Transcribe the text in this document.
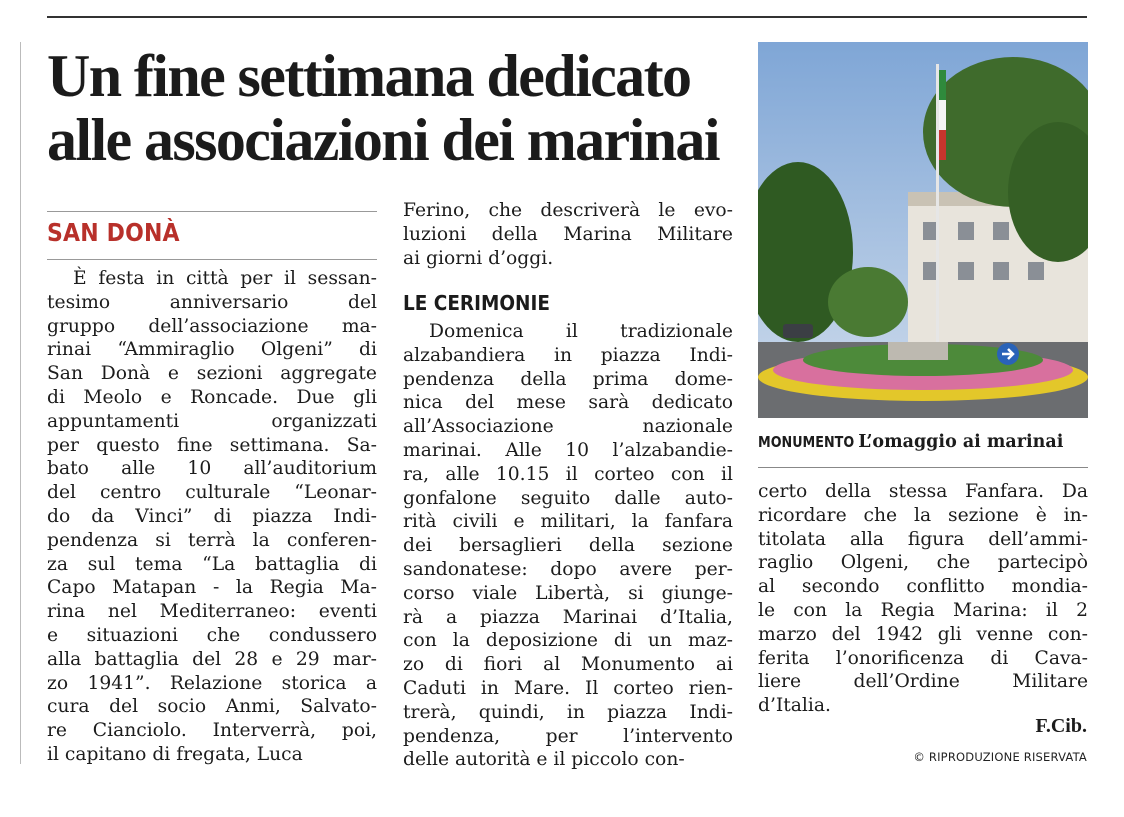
Un fine settimana dedicato
alle associazioni dei marinai
SAN DONÀ
È festa in città per il sessan-
tesimo anniversario del
gruppo dell’associazione ma-
rinai “Ammiraglio Olgeni” di
San Donà e sezioni aggregate
di Meolo e Roncade. Due gli
appuntamenti organizzati
per questo fine settimana. Sa-
bato alle 10 all’auditorium
del centro culturale “Leonar-
do da Vinci” di piazza Indi-
pendenza si terrà la conferen-
za sul tema “La battaglia di
Capo Matapan - la Regia Ma-
rina nel Mediterraneo: eventi
e situazioni che condussero
alla battaglia del 28 e 29 mar-
zo 1941”. Relazione storica a
cura del socio Anmi, Salvato-
re Cianciolo. Interverrà, poi,
il capitano di fregata, Luca
Ferino, che descriverà le evo-
luzioni della Marina Militare
ai giorni d’oggi.
LE CERIMONIE
Domenica il tradizionale
alzabandiera in piazza Indi-
pendenza della prima dome-
nica del mese sarà dedicato
all’Associazione nazionale
marinai. Alle 10 l’alzabandie-
ra, alle 10.15 il corteo con il
gonfalone seguito dalle auto-
rità civili e militari, la fanfara
dei bersaglieri della sezione
sandonatese: dopo avere per-
corso viale Libertà, si giunge-
rà a piazza Marinai d’Italia,
con la deposizione di un maz-
zo di fiori al Monumento ai
Caduti in Mare. Il corteo rien-
trerà, quindi, in piazza Indi-
pendenza, per l’intervento
delle autorità e il piccolo con-
MONUMENTO L’omaggio ai marinai
certo della stessa Fanfara. Da
ricordare che la sezione è in-
titolata alla figura dell’ammi-
raglio Olgeni, che partecipò
al secondo conflitto mondia-
le con la Regia Marina: il 2
marzo del 1942 gli venne con-
ferita l’onorificenza di Cava-
liere dell’Ordine Militare
d’Italia.
F.Cib.
© RIPRODUZIONE RISERVATA
